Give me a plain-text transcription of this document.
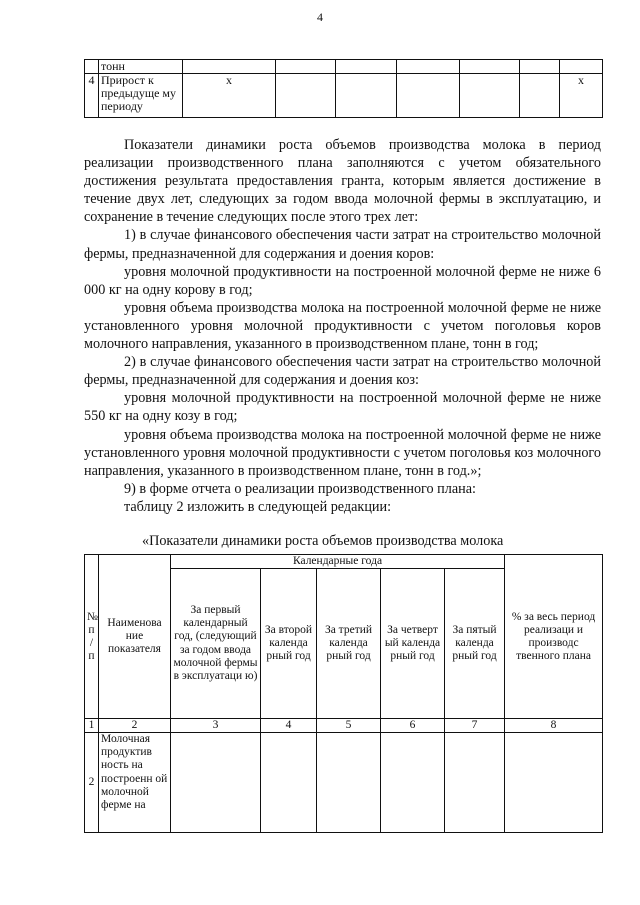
4
	тонн							
4	Прирост к предыдуще му периоду	х						х

Показатели динамики роста объемов производства молока в период реализации производственного плана заполняются с учетом обязательного достижения результата предоставления гранта, которым является достижение в течение двух лет, следующих за годом ввода молочной фермы в эксплуатацию, и сохранение в течение следующих после этого трех лет:

1) в случае финансового обеспечения части затрат на строительство молочной фермы, предназначенной для содержания и доения коров:

уровня молочной продуктивности на построенной молочной ферме не ниже 6 000 кг на одну корову в год;

уровня объема производства молока на построенной молочной ферме не ниже установленного уровня молочной продуктивности с учетом поголовья коров молочного направления, указанного в производственном плане, тонн в год;

2) в случае финансового обеспечения части затрат на строительство молочной фермы, предназначенной для содержания и доения коз:

уровня молочной продуктивности на построенной молочной ферме не ниже 550 кг на одну козу в год;

уровня объема производства молока на построенной молочной ферме не ниже установленного уровня молочной продуктивности с учетом поголовья коз молочного направления, указанного в производственном плане, тонн в год.»;

9) в форме отчета о реализации производственного плана:

таблицу 2 изложить в следующей редакции:

«Показатели динамики роста объемов производства молока
№ п / п	Наименова ние показателя	Календарные года					% за весь период реализаци и производс твенного плана
		За первый календарный год, (следующий за годом ввода молочной фермы в эксплуатаци ю)	За второй календа рный год	За третий календа рный год	За четверт ый календа рный год	За пятый календа рный год	
1	2	3	4	5	6	7	8
2	Молочная продуктив ность на построенн ой молочной ферме на						
